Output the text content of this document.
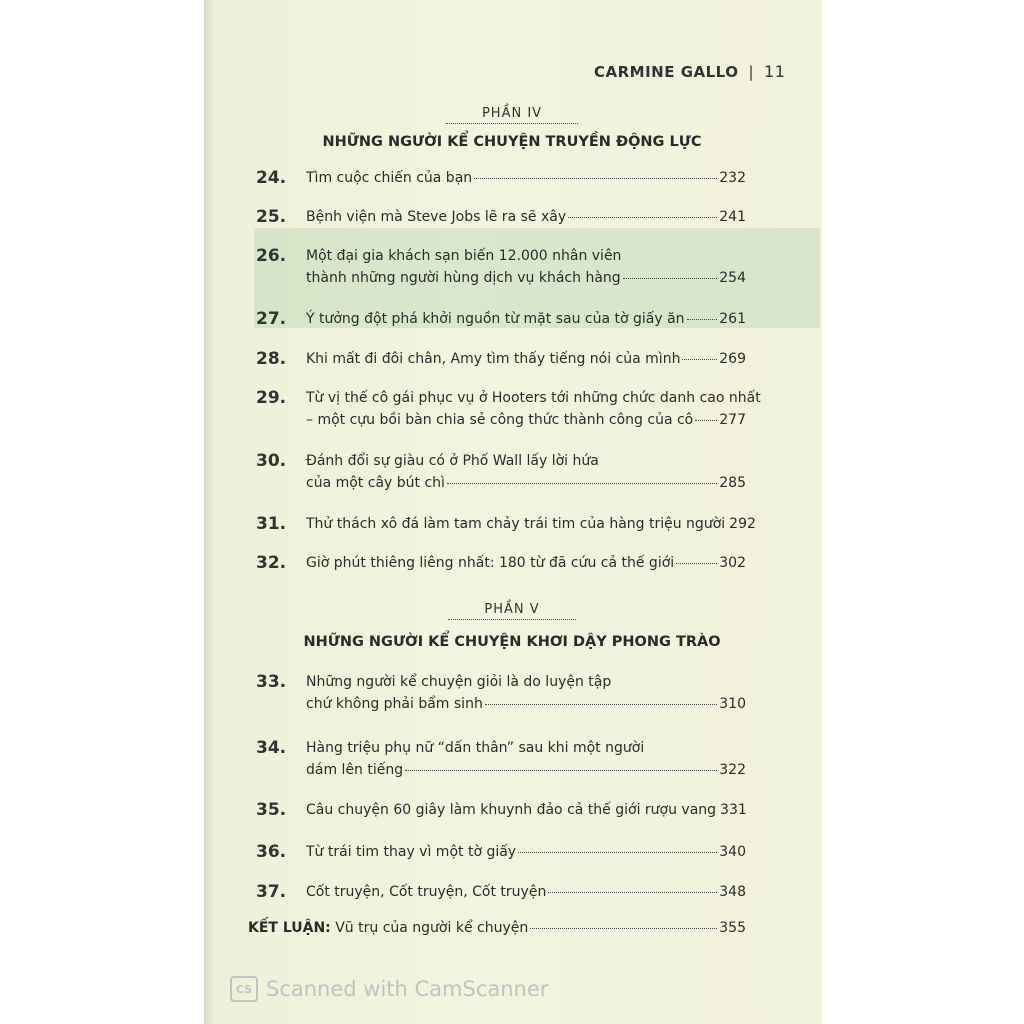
CARMINE GALLO | 11
PHẦN IV
NHỮNG NGƯỜI KỂ CHUYỆN TRUYỀN ĐỘNG LỰC
24. Tìm cuộc chiến của bạn	232
25. Bệnh viện mà Steve Jobs lẽ ra sẽ xây	241
26. Một đại gia khách sạn biến 12.000 nhân viên
thành những người hùng dịch vụ khách hàng	254
27. Ý tưởng đột phá khởi nguồn từ mặt sau của tờ giấy ăn 261
28. Khi mất đi đôi chân, Amy tìm thấy tiếng nói của mình	269
29. Từ vị thế cô gái phục vụ ở Hooters tới những chức danh cao nhất
– một cựu bồi bàn chia sẻ công thức thành công của cô 277
30. Đánh đổi sự giàu có ở Phố Wall lấy lời hứa
của một cây bút chì	285
31. Thử thách xô đá làm tam chảy trái tim của hàng triệu người 292
32. Giờ phút thiêng liêng nhất: 180 từ đã cứu cả thế giới	302
PHẦN V
NHỮNG NGƯỜI KỂ CHUYỆN KHƠI DẬY PHONG TRÀO
33. Những người kể chuyện giỏi là do luyện tập
chứ không phải bẩm sinh	310
34. Hàng triệu phụ nữ “dấn thân” sau khi một người
dám lên tiếng	322
35. Câu chuyện 60 giây làm khuynh đảo cả thế giới rượu vang 331
36. Từ trái tim thay vì một tờ giấy	340
37. Cốt truyện, Cốt truyện, Cốt truyện	348
KẾT LUẬN: Vũ trụ của người kể chuyện	355
CS Scanned with CamScanner
